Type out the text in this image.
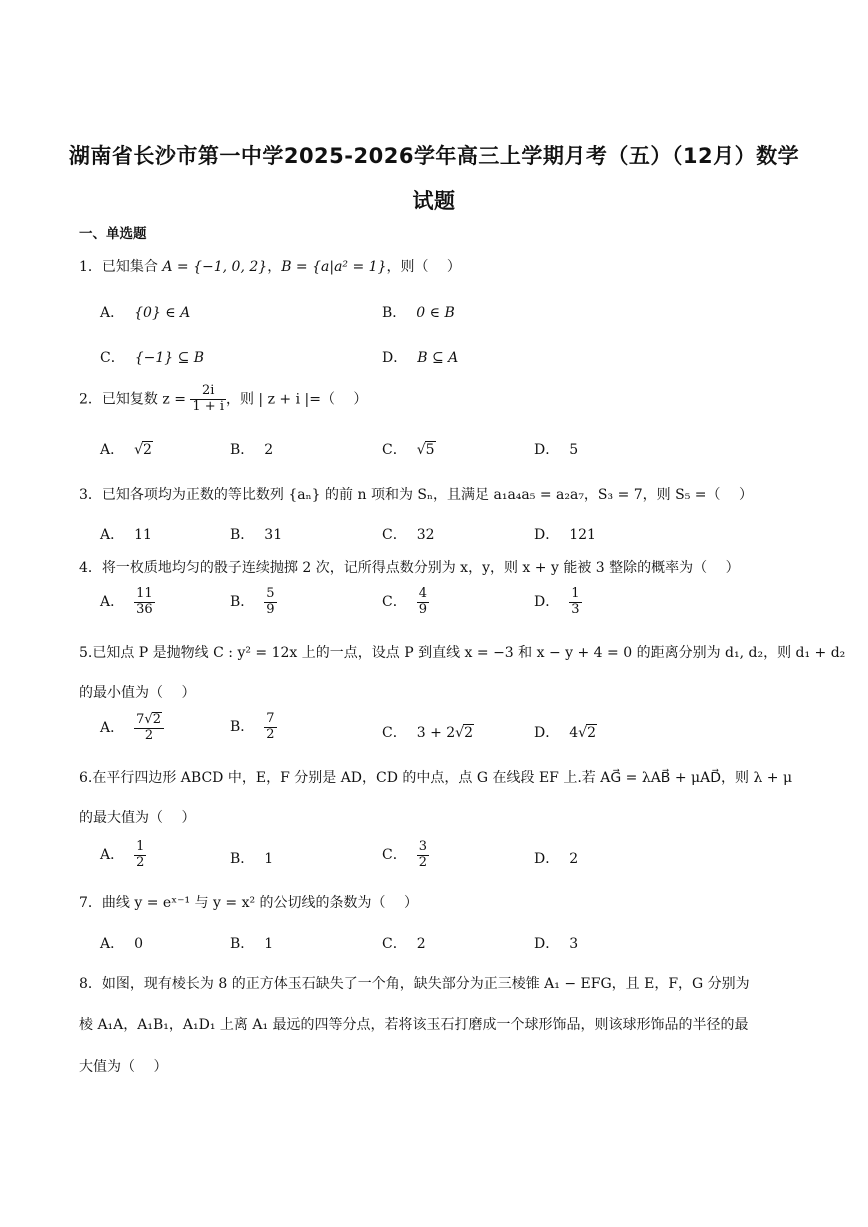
湖南省长沙市第一中学2025-2026学年高三上学期月考（五）（12月）数学
试题
一、单选题
1．已知集合 A = {−1, 0, 2}，B = {a|a² = 1}，则（　 ）
A． {0} ∈ A	B． 0 ∈ B
C． {−1} ⊆ B	D． B ⊆ A
2．已知复数 $z = \frac{2i}{1 + i}$ ，则 | z + i |=（　 ）
A． √2	B． 2	C． √5	D． 5
3．已知各项均为正数的等比数列 {aₙ} 的前 n 项和为 Sₙ，且满足 a₁a₄a₅ = a₂a₇，S₃ = 7，则 S₅ =（　 ）
A． 11	B． 31	C． 32	D． 121
4．将一枚质地均匀的骰子连续抛掷 2 次，记所得点数分别为 x，y，则 x + y 能被 3 整除的概率为（　 ）
A． $\frac{11}{36}$	B． $\frac{5}{9}$	C． $\frac{4}{9}$	D． $\frac{1}{3}$
5.已知点 P 是抛物线 C : y² = 12x 上的一点，设点 P 到直线 x = −3 和 x − y + 4 = 0 的距离分别为 d₁, d₂，则 d₁ + d₂
的最小值为（　 ）
A． $\frac{7√2}{2}$	B． $\frac{7}{2}$	C． 3 + 2√2	D． 4√2
6.在平行四边形 ABCD 中，E，F 分别是 AD，CD 的中点，点 G 在线段 EF 上.若 AG⃗ = λAB⃗ + μAD⃗，则 λ + μ
的最大值为（　 ）
A． $\frac{1}{2}$	B． 1	C． $\frac{3}{2}$	D． 2
7．曲线 y = eˣ⁻¹ 与 y = x² 的公切线的条数为（　 ）
A． 0	B． 1	C． 2	D． 3
8．如图，现有棱长为 8 的正方体玉石缺失了一个角，缺失部分为正三棱锥 A₁ − EFG，且 E，F，G 分别为
棱 A₁A，A₁B₁，A₁D₁ 上离 A₁ 最远的四等分点，若将该玉石打磨成一个球形饰品，则该球形饰品的半径的最
大值为（　 ）
